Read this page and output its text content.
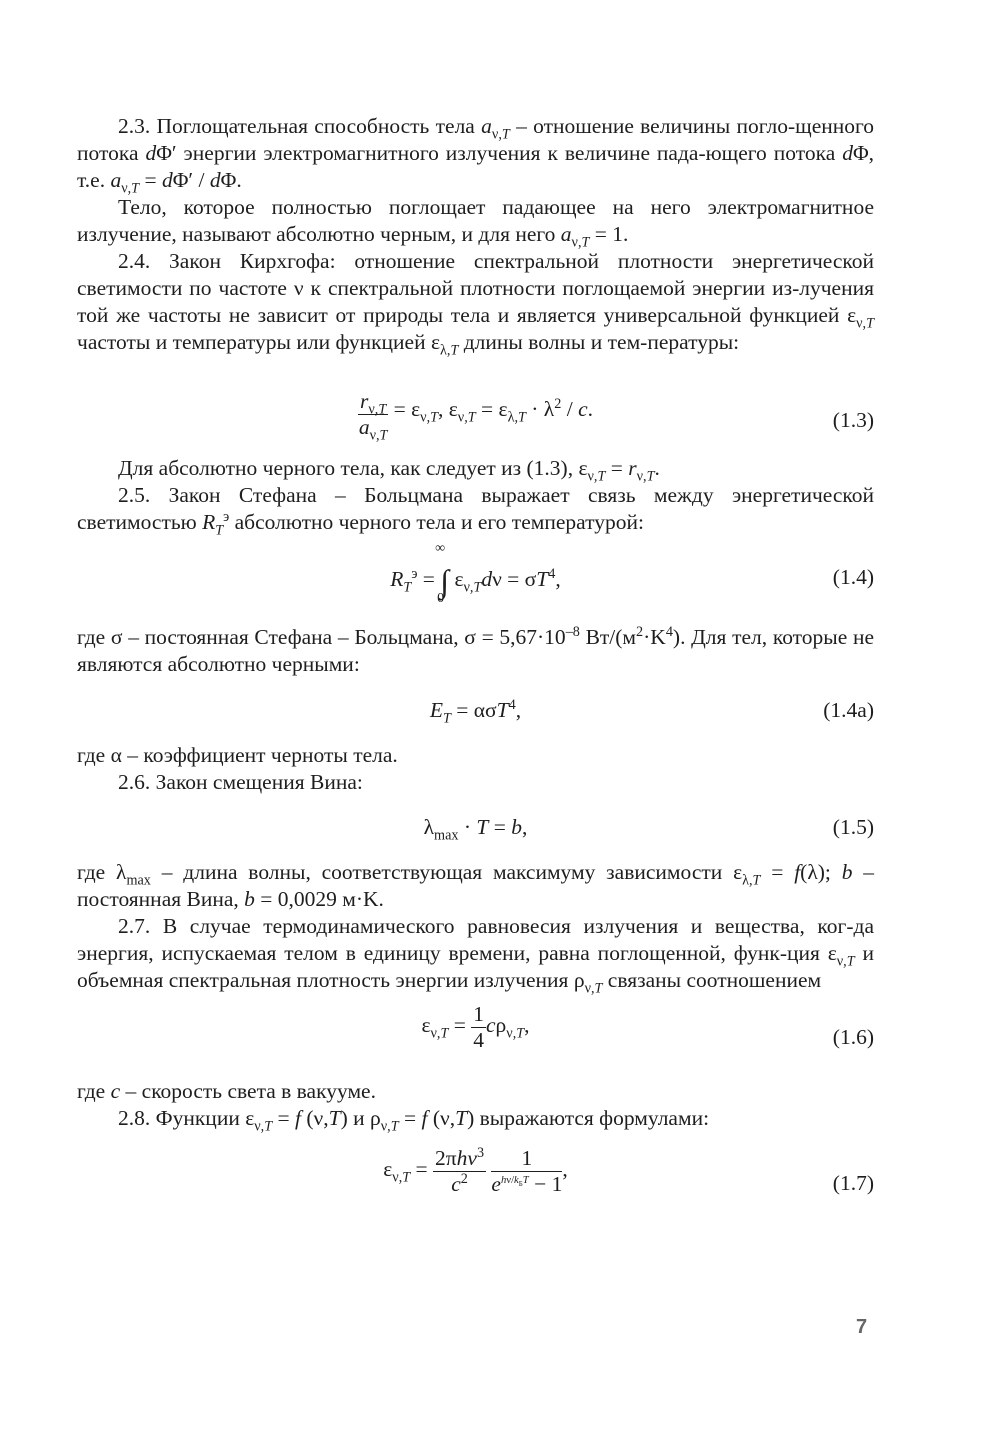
2.3. Поглощательная способность тела $a_{\nu,T}$ – отношение величины погло-щенного потока dΦ′ энергии электромагнитного излучения к величине пада-ющего потока dΦ, т.е. $a_{\nu,T} = d\Phi' / d\Phi$.

Тело, которое полностью поглощает падающее на него электромагнитное излучение, называют абсолютно черным, и для него $a_{\nu,T} = 1$.

2.4. Закон Кирхгофа: отношение спектральной плотности энергетической светимости по частоте ν к спектральной плотности поглощаемой энергии из-лучения той же частоты не зависит от природы тела и является универсальной функцией $\varepsilon_{\nu,T}$ частоты и температуры или функцией $\varepsilon_{\lambda,T}$ длины волны и тем-пературы:

$\frac{r_{\nu,T}}{a_{\nu,T}} = \varepsilon_{\nu,T}$, $\varepsilon_{\nu,T} = \varepsilon_{\lambda,T} \cdot \lambda^2 / c$.	(1.3)

Для абсолютно черного тела, как следует из (1.3), $\varepsilon_{\nu,T} = r_{\nu,T}$.

2.5. Закон Стефана – Больцмана выражает связь между энергетической светимостью $R_T^э$ абсолютно черного тела и его температурой:

$R_T^э$ = ∫
∞
0
$\varepsilon_{\nu,T}d\nu = \sigma T^4$,	(1.4)

где σ – постоянная Стефана – Больцмана, $\sigma = 5,67\cdot 10^{-8}$ $Вт/(м^2\cdot K^4)$. Для тел, которые не являются абсолютно черными:

$E_T = \alpha\sigma T^4$,	(1.4а)

где α – коэффициент черноты тела.

2.6. Закон смещения Вина:

$\lambda_{max} \cdot T = b$,	(1.5)

где $\lambda_{max}$ – длина волны, соответствующая максимуму зависимости $\varepsilon_{\lambda,T} = f(\lambda)$; b – постоянная Вина, b = 0,0029 м·K.

2.7. В случае термодинамического равновесия излучения и вещества, ког-да энергия, испускаемая телом в единицу времени, равна поглощенной, функ-ция $\varepsilon_{\nu,T}$ и объемная спектральная плотность энергии излучения $\rho_{\nu,T}$ связаны соотношением

$\varepsilon_{\nu,T} = \frac{1}{4} c\rho_{\nu,T}$,	(1.6)

где c – скорость света в вакууме.

2.8. Функции $\varepsilon_{\nu,T} = f$ (ν,T) и $\rho_{\nu,T} = f$ (ν,T) выражаются формулами:

$\varepsilon_{\nu,T} = 2\pi h\nu^3$
$c^2$

1
$e^{h\nu/k_БT} - 1$
,
(1.7)
7
